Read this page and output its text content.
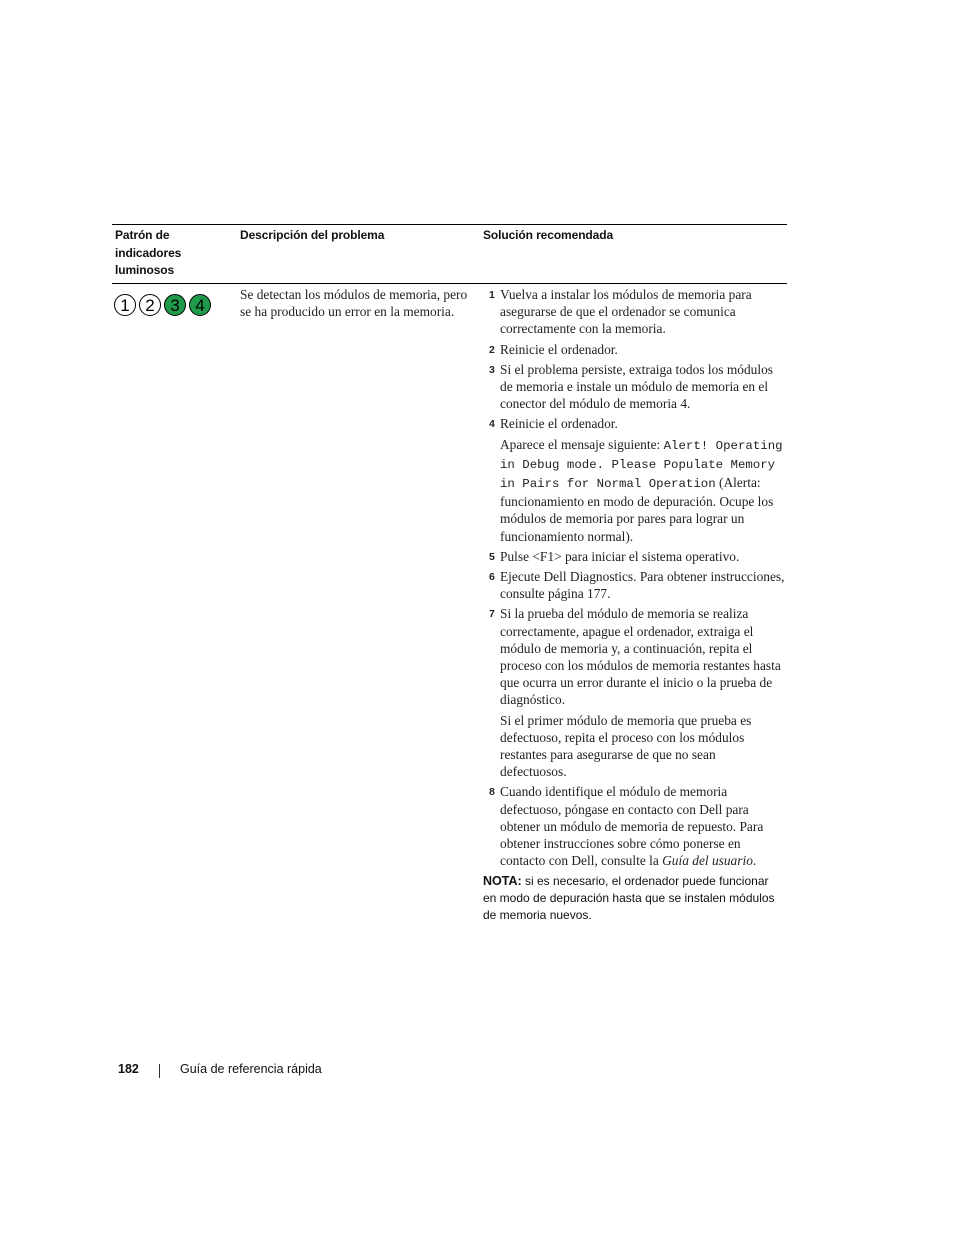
Patrón de indicadores luminosos
Descripción del problema	Solución recomendada
1 2 3 4
Se detectan los módulos de memoria, pero se ha producido un error en la memoria.
1 Vuelva a instalar los módulos de memoria para asegurarse de que el ordenador se comunica correctamente con la memoria.
2 Reinicie el ordenador.
3 Si el problema persiste, extraiga todos los módulos de memoria e instale un módulo de memoria en el conector del módulo de memoria 4.
4 Reinicie el ordenador.
Aparece el mensaje siguiente: Alert! Operating in Debug mode. Please Populate Memory in Pairs for Normal Operation (Alerta: funcionamiento en modo de depuración. Ocupe los módulos de memoria por pares para lograr un funcionamiento normal).
5 Pulse <F1> para iniciar el sistema operativo.
6 Ejecute Dell Diagnostics. Para obtener instrucciones, consulte página 177.
7 Si la prueba del módulo de memoria se realiza correctamente, apague el ordenador, extraiga el módulo de memoria y, a continuación, repita el proceso con los módulos de memoria restantes hasta que ocurra un error durante el inicio o la prueba de diagnóstico.
Si el primer módulo de memoria que prueba es defectuoso, repita el proceso con los módulos restantes para asegurarse de que no sean defectuosos.
8 Cuando identifique el módulo de memoria defectuoso, póngase en contacto con Dell para obtener un módulo de memoria de repuesto. Para obtener instrucciones sobre cómo ponerse en contacto con Dell, consulte la Guía del usuario.
NOTA: si es necesario, el ordenador puede funcionar en modo de depuración hasta que se instalen módulos de memoria nuevos.
182	Guía de referencia rápida
